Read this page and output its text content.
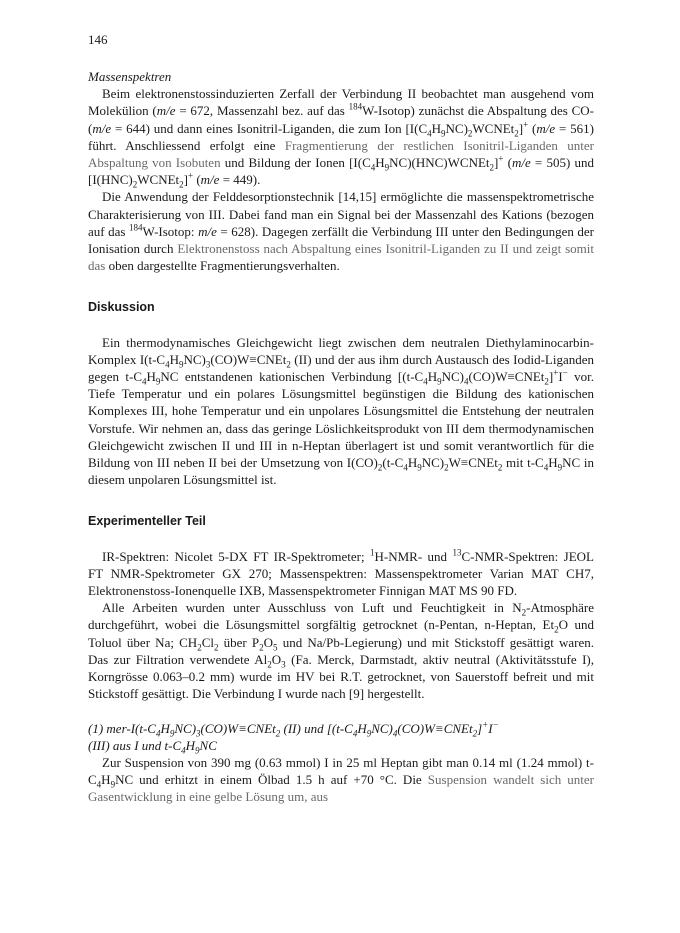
146

Massenspektren

Beim elektronenstossinduzierten Zerfall der Verbindung II beobachtet man ausgehend vom Molekülion (m/e = 672, Massenzahl bez. auf das $^{184}$W-Isotop) zunächst die Abspaltung des CO- (m/e = 644) und dann eines Isonitril-Liganden, die zum Ion $[I(C_4H_9NC)_2WCNEt_2]^+$ (m/e = 561) führt. Anschliessend erfolgt eine Fragmentierung der restlichen Isonitril-Liganden unter Abspaltung von Isobuten und Bildung der Ionen $[I(C_4H_9NC)(HNC)WCNEt_2]^+$ (m/e = 505) und $[I(HNC)_2WCNEt_2]^+$ (m/e = 449).

Die Anwendung der Felddesorptionstechnik [14,15] ermöglichte die massenspektrometrische Charakterisierung von III. Dabei fand man ein Signal bei der Massenzahl des Kations (bezogen auf das $^{184}$W-Isotop: m/e = 628). Dagegen zerfällt die Verbindung III unter den Bedingungen der Ionisation durch Elektronenstoss nach Abspaltung eines Isonitril-Liganden zu II und zeigt somit das oben dargestellte Fragmentierungsverhalten.

Diskussion

Ein thermodynamisches Gleichgewicht liegt zwischen dem neutralen Diethylaminocarbin-Komplex $I(t-C_4H_9NC)_3(CO)W\equiv CNEt_2$ (II) und der aus ihm durch Austausch des Iodid-Liganden gegen $t-C_4H_9NC$ entstandenen kationischen Verbindung $[(t-C_4H_9NC)_4(CO)W\equiv CNEt_2]^+I^-$ vor. Tiefe Temperatur und ein polares Lösungsmittel begünstigen die Bildung des kationischen Komplexes III, hohe Temperatur und ein unpolares Lösungsmittel die Entstehung der neutralen Vorstufe. Wir nehmen an, dass das geringe Löslichkeitsprodukt von III dem thermodynamischen Gleichgewicht zwischen II und III in n-Heptan überlagert ist und somit verantwortlich für die Bildung von III neben II bei der Umsetzung von $I(CO)_2(t-C_4H_9NC)_2W\equiv CNEt_2$ mit $t-C_4H_9NC$ in diesem unpolaren Lösungsmittel ist.

Experimenteller Teil

IR-Spektren: Nicolet 5-DX FT IR-Spektrometer; $^1$H-NMR- und $^{13}$C-NMR-Spektren: JEOL FT NMR-Spektrometer GX 270; Massenspektren: Massenspektrometer Varian MAT CH7, Elektronenstoss-Ionenquelle IXB, Massenspektrometer Finnigan MAT MS 90 FD.

Alle Arbeiten wurden unter Ausschluss von Luft und Feuchtigkeit in $N_2$-Atmosphäre durchgeführt, wobei die Lösungsmittel sorgfältig getrocknet (n-Pentan, n-Heptan, $Et_2O$ und Toluol über Na; $CH_2Cl_2$ über $P_2O_5$ und Na/Pb-Legierung) und mit Stickstoff gesättigt waren. Das zur Filtration verwendete $Al_2O_3$ (Fa. Merck, Darmstadt, aktiv neutral (Aktivitätsstufe I), Korngrösse 0.063–0.2 mm) wurde im HV bei R.T. getrocknet, von Sauerstoff befreit und mit Stickstoff gesättigt. Die Verbindung I wurde nach [9] hergestellt.

(1) mer-$I(t-C_4H_9NC)_3(CO)W\equiv CNEt_2$ (II) und $[(t-C_4H_9NC)_4(CO)W\equiv CNEt_2]^+I^-$
(III) aus I und $t-C_4H_9NC$

Zur Suspension von 390 mg (0.63 mmol) I in 25 ml Heptan gibt man 0.14 ml (1.24 mmol) $t-C_4H_9NC$ und erhitzt in einem Ölbad 1.5 h auf +70 °C. Die Suspension wandelt sich unter Gasentwicklung in eine gelbe Lösung um, aus
